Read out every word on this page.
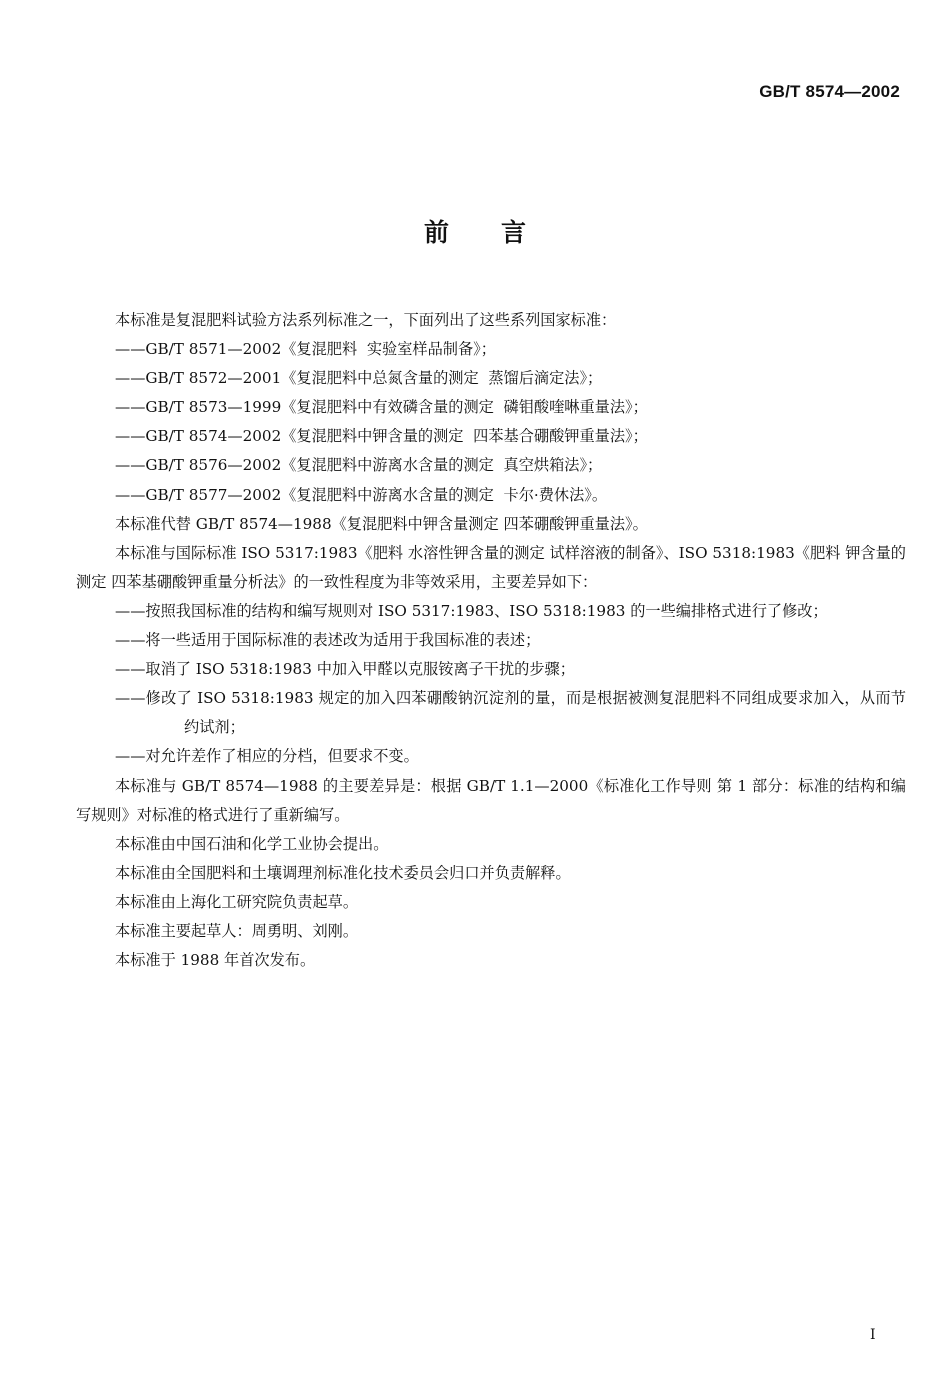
GB/T 8574—2002
前 言
本标准是复混肥料试验方法系列标准之一，下面列出了这些系列国家标准：
——GB/T 8571—2002《复混肥料  实验室样品制备》；
——GB/T 8572—2001《复混肥料中总氮含量的测定  蒸馏后滴定法》；
——GB/T 8573—1999《复混肥料中有效磷含量的测定  磷钼酸喹啉重量法》；
——GB/T 8574—2002《复混肥料中钾含量的测定  四苯基合硼酸钾重量法》；
——GB/T 8576—2002《复混肥料中游离水含量的测定  真空烘箱法》；
——GB/T 8577—2002《复混肥料中游离水含量的测定  卡尔·费休法》。
本标准代替 GB/T 8574—1988《复混肥料中钾含量测定 四苯硼酸钾重量法》。
本标准与国际标准 ISO 5317:1983《肥料 水溶性钾含量的测定 试样溶液的制备》、ISO 5318:1983《肥料 钾含量的测定 四苯基硼酸钾重量分析法》的一致性程度为非等效采用，主要差异如下：
——按照我国标准的结构和编写规则对 ISO 5317:1983、ISO 5318:1983 的一些编排格式进行了修改；
——将一些适用于国际标准的表述改为适用于我国标准的表述；
——取消了 ISO 5318:1983 中加入甲醛以克服铵离子干扰的步骤；
——修改了 ISO 5318:1983 规定的加入四苯硼酸钠沉淀剂的量，而是根据被测复混肥料不同组成要求加入，从而节约试剂；
——对允许差作了相应的分档，但要求不变。
本标准与 GB/T 8574—1988 的主要差异是：根据 GB/T 1.1—2000《标准化工作导则 第 1 部分：标准的结构和编写规则》对标准的格式进行了重新编写。
本标准由中国石油和化学工业协会提出。
本标准由全国肥料和土壤调理剂标准化技术委员会归口并负责解释。
本标准由上海化工研究院负责起草。
本标准主要起草人：周勇明、刘刚。
本标准于 1988 年首次发布。
I
